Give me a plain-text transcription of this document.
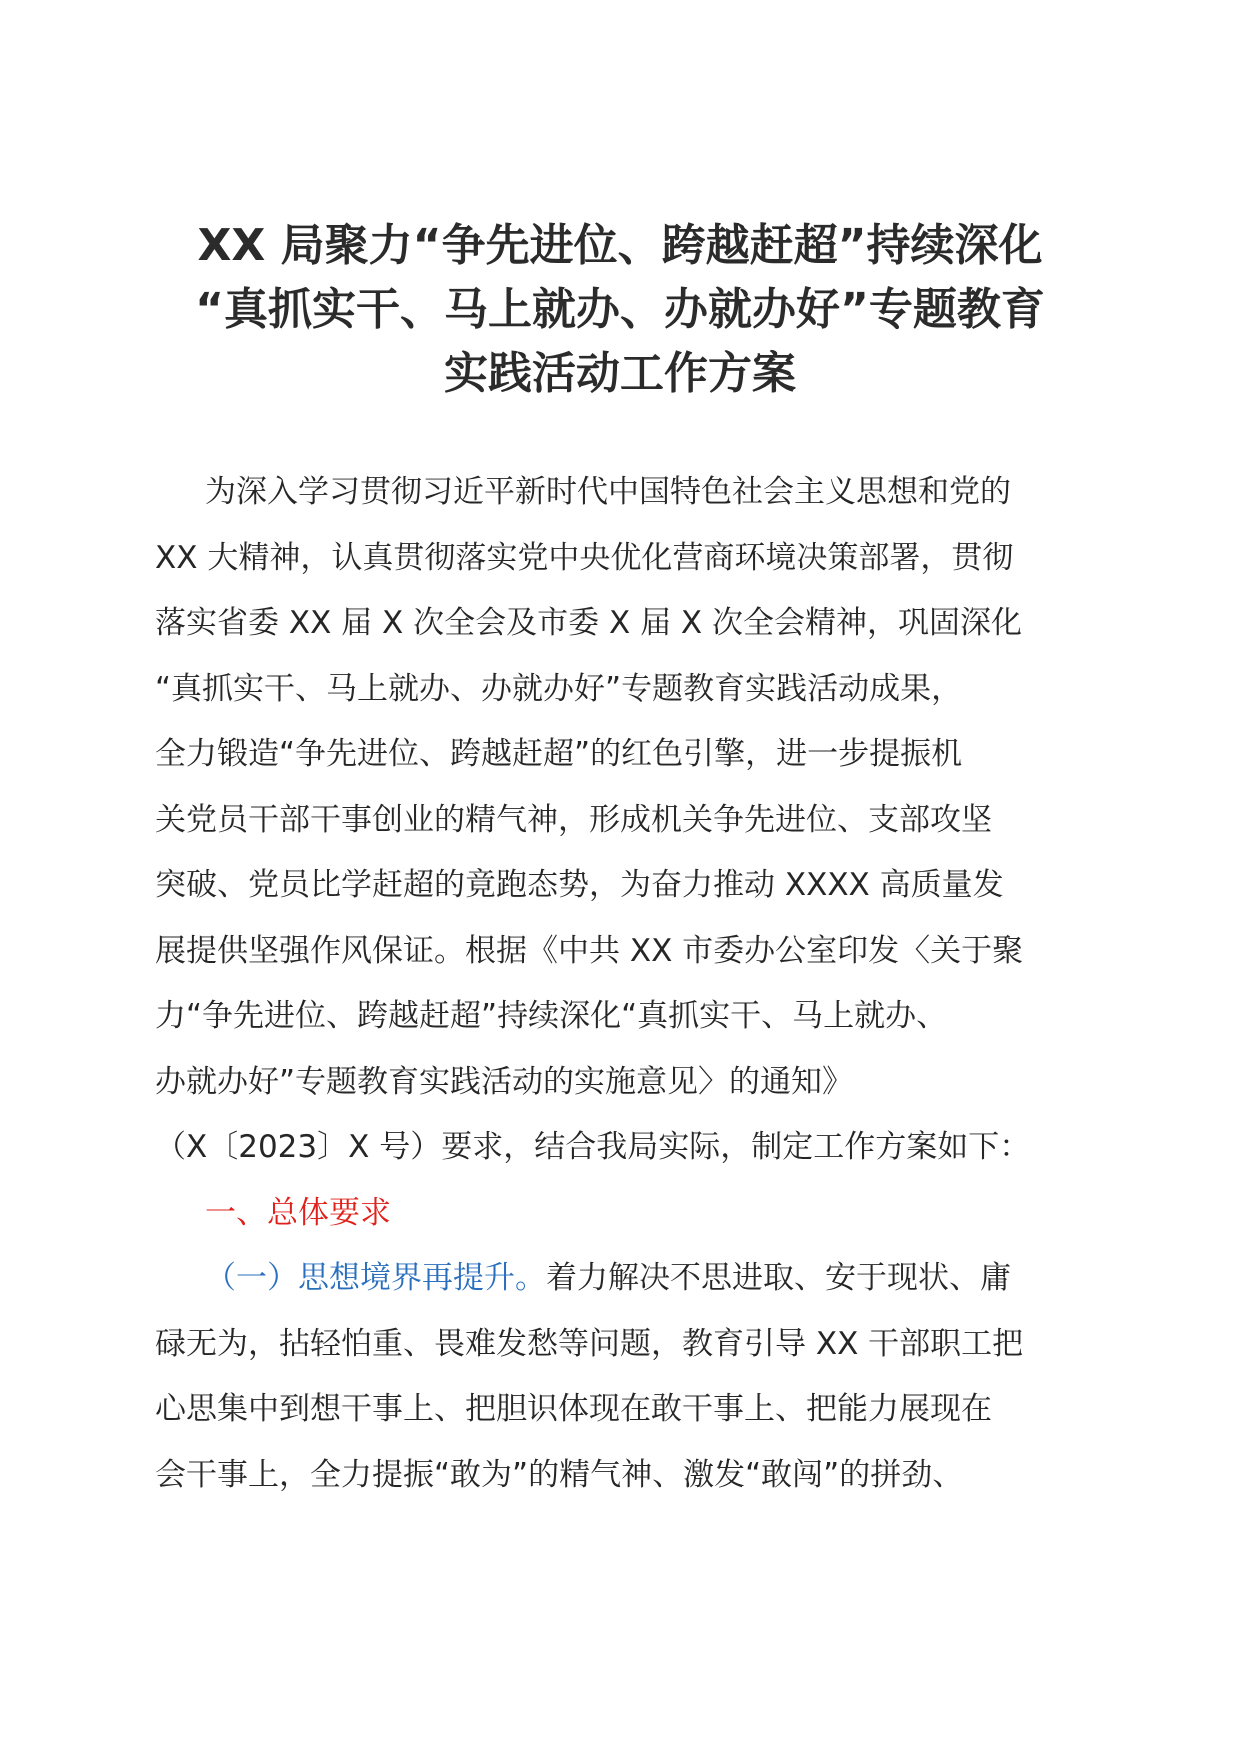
XX 局聚力“争先进位、跨越赶超”持续深化
“真抓实干、马上就办、办就办好”专题教育
实践活动工作方案
为深入学习贯彻习近平新时代中国特色社会主义思想和党的
XX 大精神，认真贯彻落实党中央优化营商环境决策部署，贯彻
落实省委 XX 届 X 次全会及市委 X 届 X 次全会精神，巩固深化
“真抓实干、马上就办、办就办好”专题教育实践活动成果，
全力锻造“争先进位、跨越赶超”的红色引擎，进一步提振机
关党员干部干事创业的精气神，形成机关争先进位、支部攻坚
突破、党员比学赶超的竟跑态势，为奋力推动 XXXX 高质量发
展提供坚强作风保证。根据《中共 XX 市委办公室印发〈关于聚
力“争先进位、跨越赶超”持续深化“真抓实干、马上就办、
办就办好”专题教育实践活动的实施意见〉的通知》
（X〔2023〕X 号）要求，结合我局实际，制定工作方案如下：
一、总体要求
（一）思想境界再提升。着力解决不思进取、安于现状、庸
碌无为，拈轻怕重、畏难发愁等问题，教育引导 XX 干部职工把
心思集中到想干事上、把胆识体现在敢干事上、把能力展现在
会干事上，全力提振“敢为”的精气神、激发“敢闯”的拼劲、
